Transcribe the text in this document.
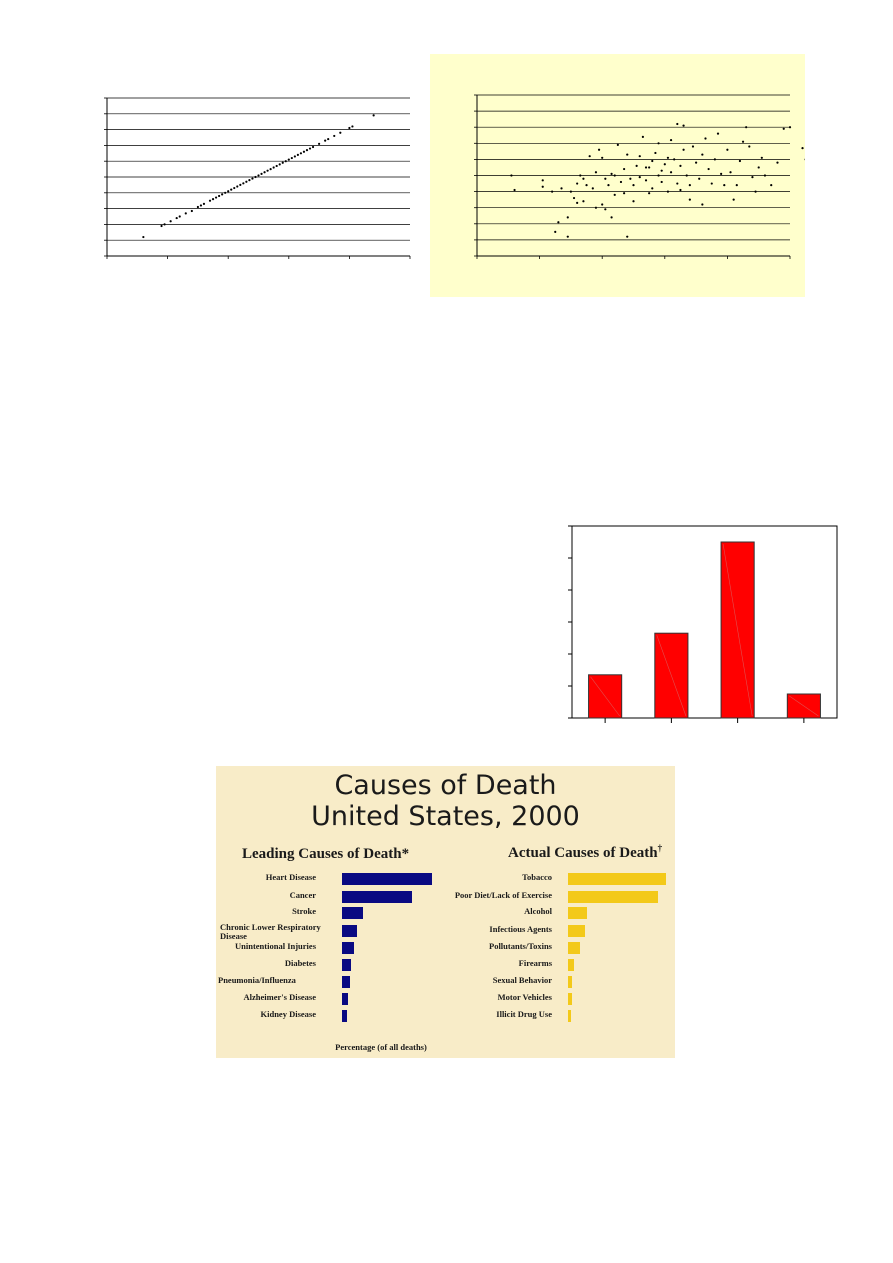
Causes of Death
United States, 2000
Leading Causes of Death*	Actual Causes of Death†
Heart Disease
Cancer
Stroke
Chronic Lower Respiratory Disease
Unintentional Injuries
Diabetes
Pneumonia/Influenza
Alzheimer's Disease
Kidney Disease
Tobacco
Poor Diet/Lack of Exercise
Alcohol
Infectious Agents
Pollutants/Toxins
Firearms
Sexual Behavior
Motor Vehicles
Illicit Drug Use
Percentage (of all deaths)
